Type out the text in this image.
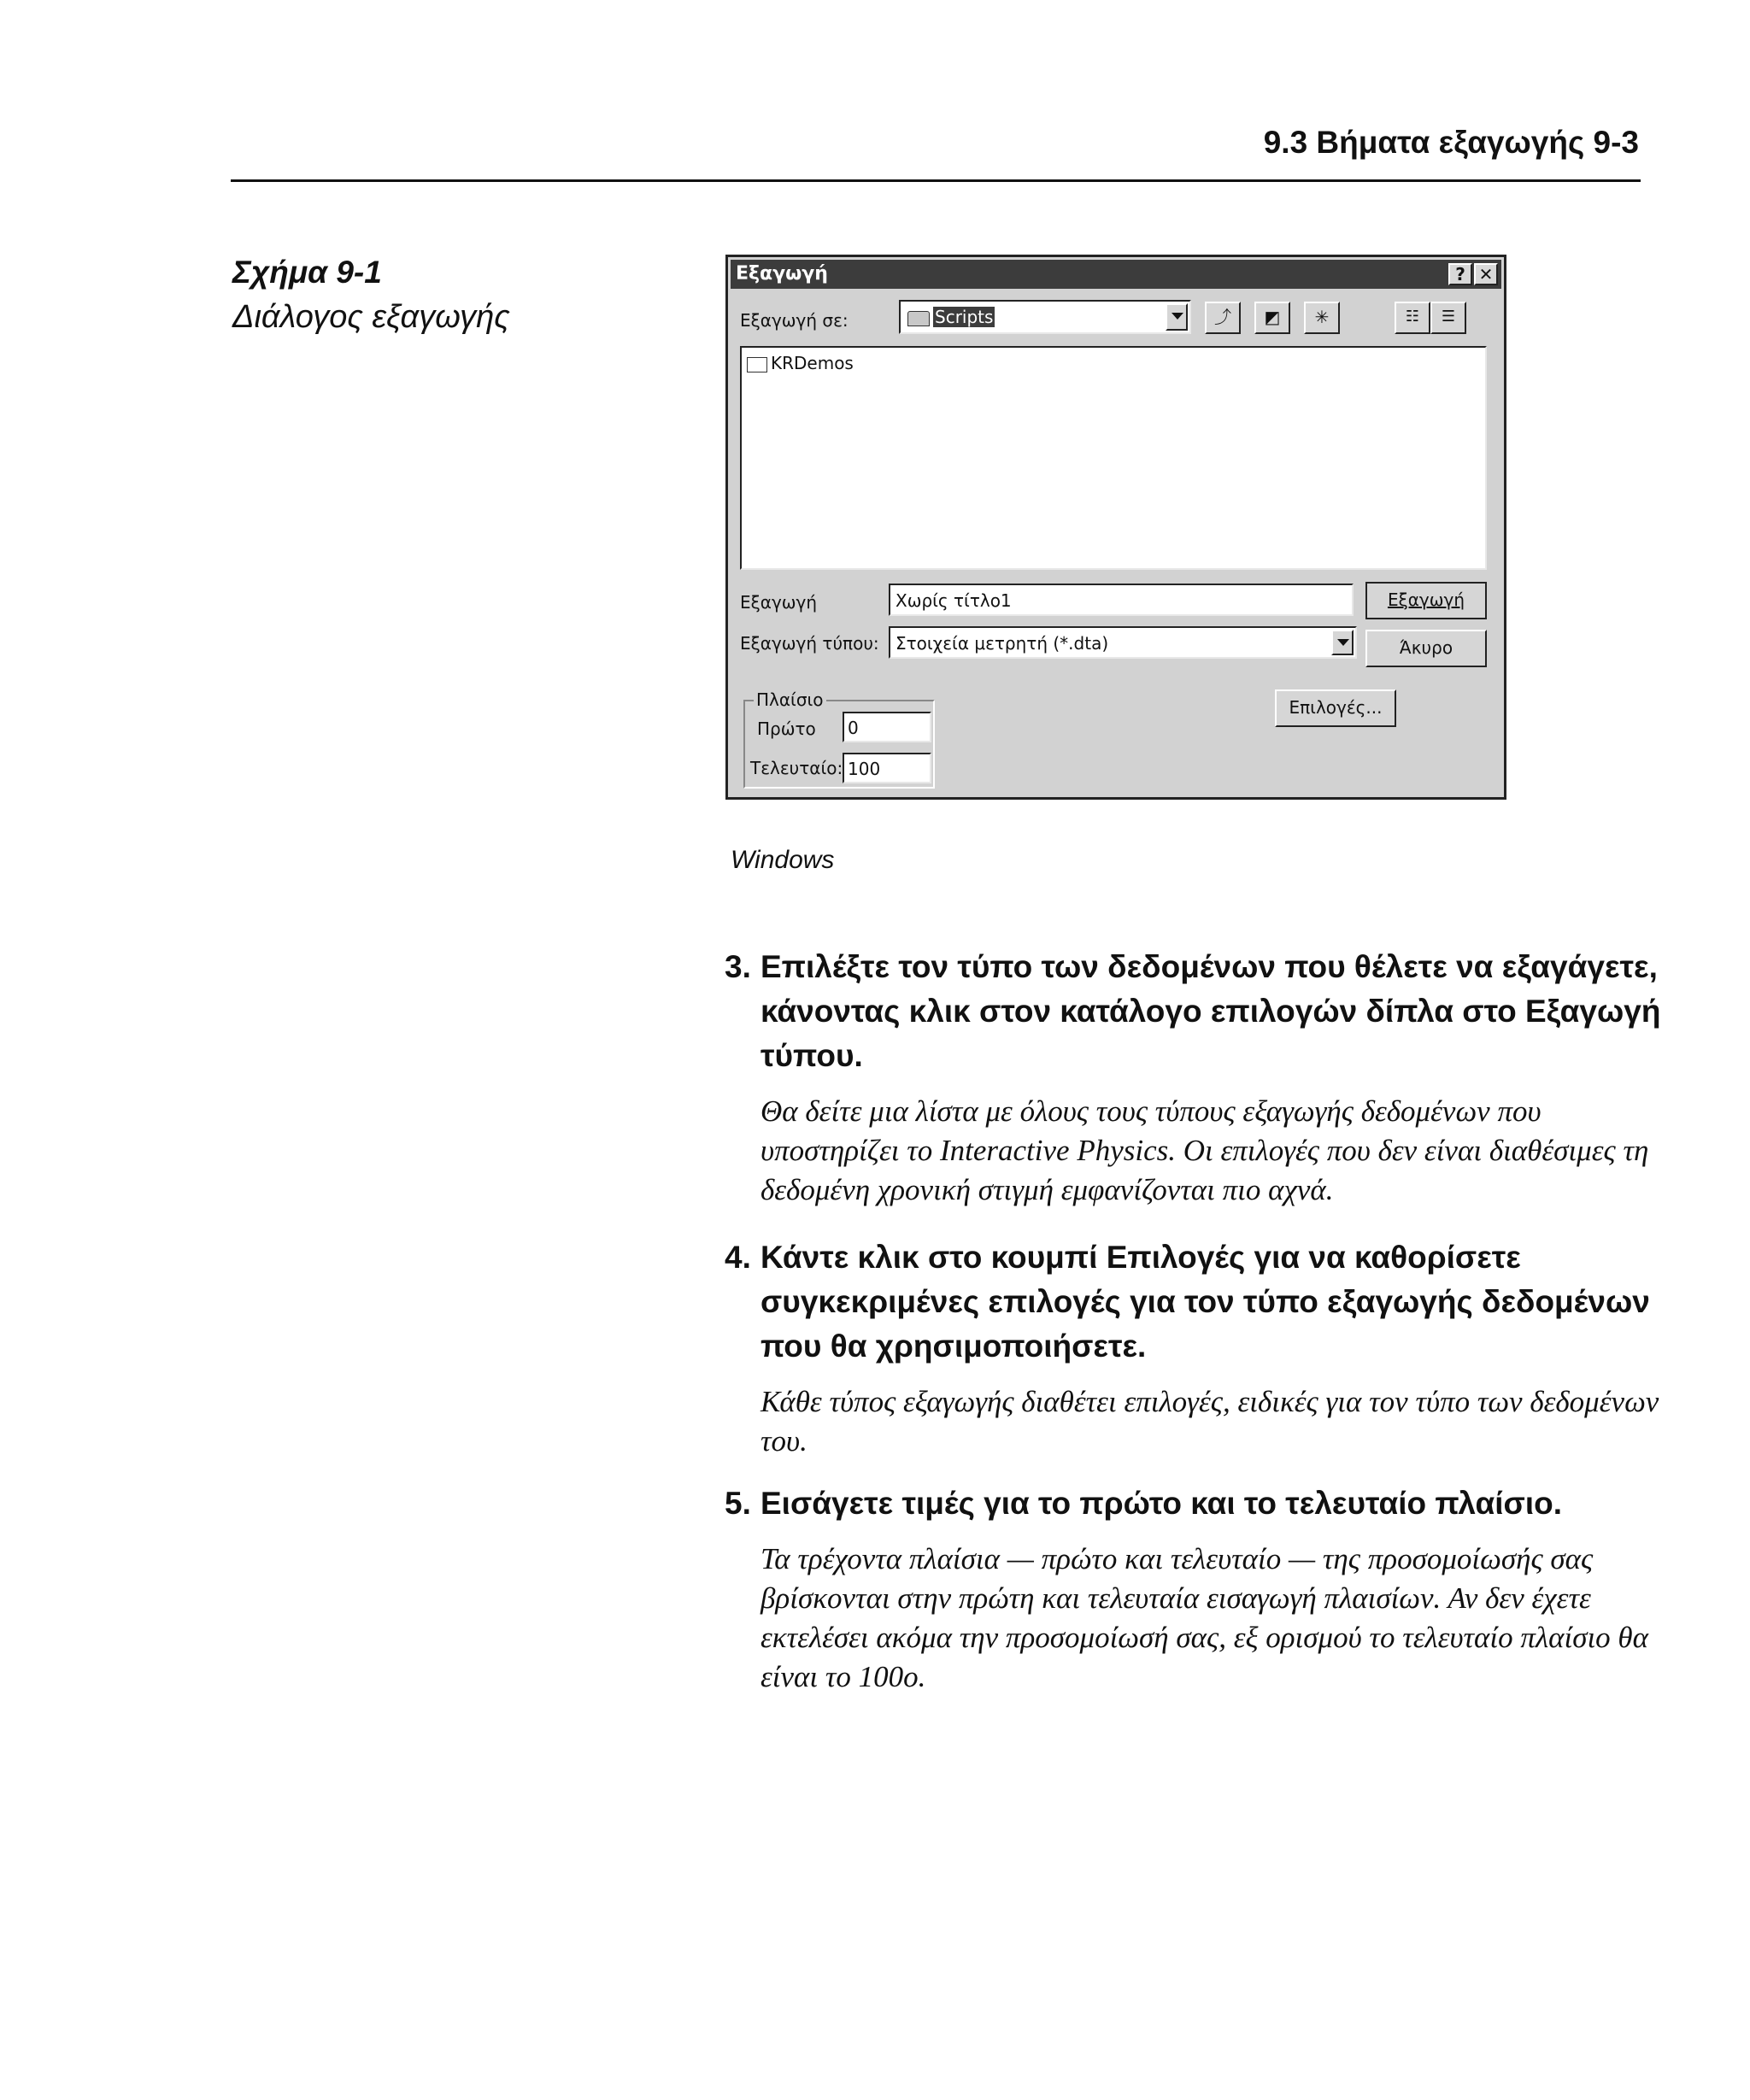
9.3 Βήματα εξαγωγής 9-3
Σχήμα 9-1
Διάλογος εξαγωγής
Εξαγωγή	? ✕
Εξαγωγή σε:	Scripts	⤴	◩	✳	☷	☰
KRDemos
Εξαγωγή	Χωρίς τίτλο1	Εξαγωγή
Εξαγωγή τύπου: Στοιχεία μετρητή (*.dta)	Άκυρο
Επιλογές...
Πλαίσιο
Πρώτο 0
Τελευταίο: 100
Windows
3. Επιλέξτε τον τύπο των δεδομένων που θέλετε να εξαγάγετε, κάνοντας κλικ στον κατάλογο επιλογών δίπλα στο Εξαγωγή τύπου.
Θα δείτε μια λίστα με όλους τους τύπους εξαγωγής δεδομένων που υποστηρίζει το Interactive Physics. Οι επιλογές που δεν είναι διαθέσιμες τη δεδομένη χρονική στιγμή εμφανίζονται πιο αχνά.
4. Κάντε κλικ στο κουμπί Επιλογές για να καθορίσετε συγκεκριμένες επιλογές για τον τύπο εξαγωγής δεδομένων που θα χρησιμοποιήσετε.
Κάθε τύπος εξαγωγής διαθέτει επιλογές, ειδικές για τον τύπο των δεδομένων του.
5. Εισάγετε τιμές για το πρώτο και το τελευταίο πλαίσιο.
Τα τρέχοντα πλαίσια — πρώτο και τελευταίο — της προσομοίωσής σας βρίσκονται στην πρώτη και τελευταία εισαγωγή πλαισίων. Αν δεν έχετε εκτελέσει ακόμα την προσομοίωσή σας, εξ ορισμού το τελευταίο πλαίσιο θα είναι το 100ο.
